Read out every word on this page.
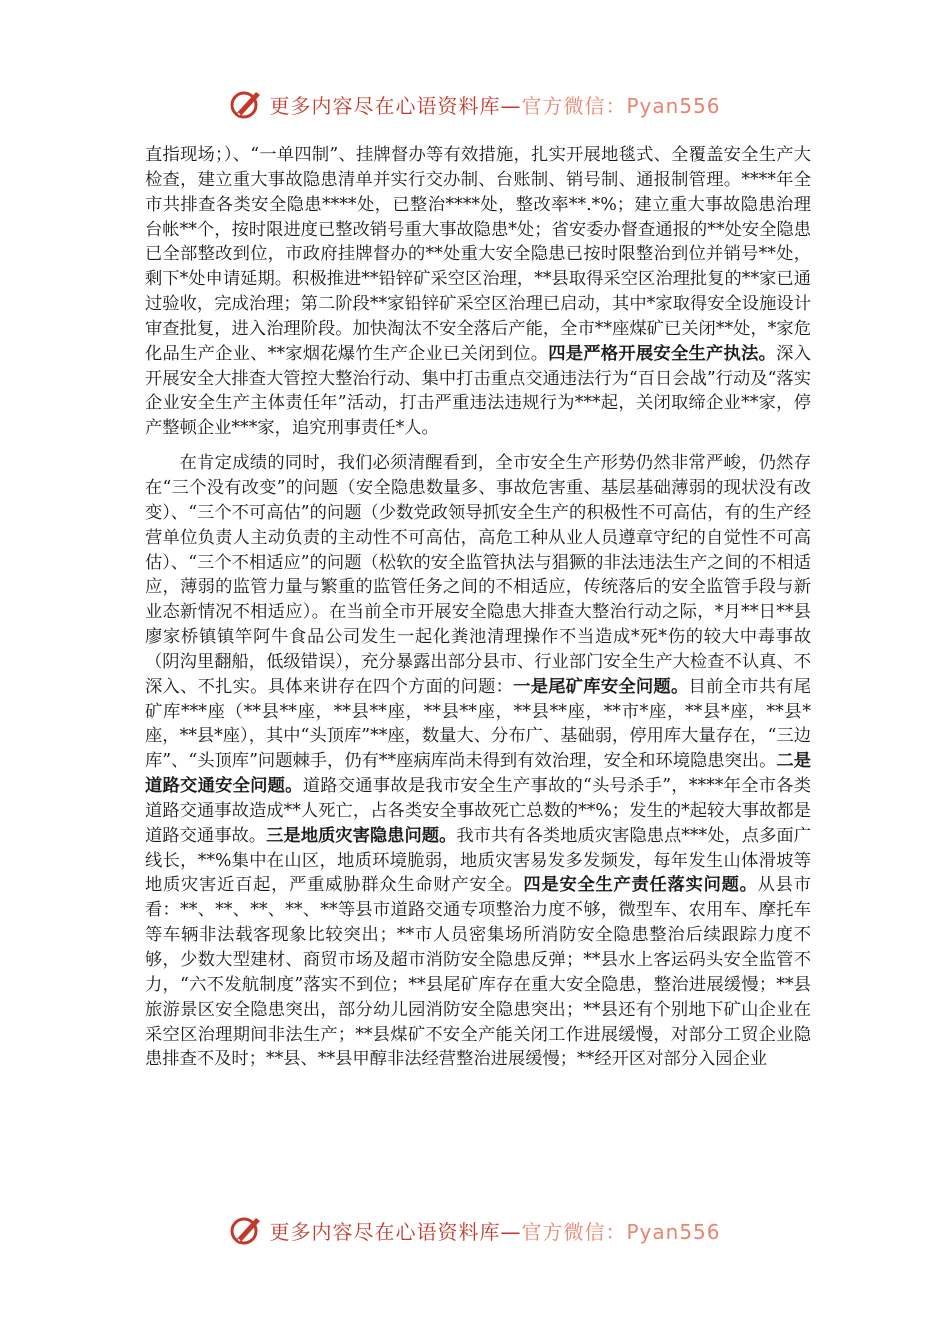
更多内容尽在心语资料库—官方微信：Pyan556

直指现场；）、“一单四制”、挂牌督办等有效措施，扎实开展地毯式、全覆盖安全生产大检查，建立重大事故隐患清单并实行交办制、台账制、销号制、通报制管理。****年全市共排查各类安全隐患****处，已整治****处，整改率**.*%；建立重大事故隐患治理台帐**个，按时限进度已整改销号重大事故隐患*处；省安委办督查通报的**处安全隐患已全部整改到位，市政府挂牌督办的**处重大安全隐患已按时限整治到位并销号**处，剩下*处申请延期。积极推进**铅锌矿采空区治理，**县取得采空区治理批复的**家已通过验收，完成治理；第二阶段**家铅锌矿采空区治理已启动，其中*家取得安全设施设计审查批复，进入治理阶段。加快淘汰不安全落后产能，全市**座煤矿已关闭**处，*家危化品生产企业、**家烟花爆竹生产企业已关闭到位。四是严格开展安全生产执法。深入开展安全大排查大管控大整治行动、集中打击重点交通违法行为“百日会战”行动及“落实企业安全生产主体责任年”活动，打击严重违法违规行为***起，关闭取缔企业**家，停产整顿企业***家，追究刑事责任*人。

在肯定成绩的同时，我们必须清醒看到，全市安全生产形势仍然非常严峻，仍然存在“三个没有改变”的问题（安全隐患数量多、事故危害重、基层基础薄弱的现状没有改变）、“三个不可高估”的问题（少数党政领导抓安全生产的积极性不可高估，有的生产经营单位负责人主动负责的主动性不可高估，高危工种从业人员遵章守纪的自觉性不可高估）、“三个不相适应”的问题（松软的安全监管执法与猖獗的非法违法生产之间的不相适应，薄弱的监管力量与繁重的监管任务之间的不相适应，传统落后的安全监管手段与新业态新情况不相适应）。在当前全市开展安全隐患大排查大整治行动之际，*月**日**县廖家桥镇镇竿阿牛食品公司发生一起化粪池清理操作不当造成*死*伤的较大中毒事故（阴沟里翻船，低级错误），充分暴露出部分县市、行业部门安全生产大检查不认真、不深入、不扎实。具体来讲存在四个方面的问题：一是尾矿库安全问题。目前全市共有尾矿库***座（**县**座，**县**座，**县**座，**县**座，**市*座，**县*座，**县*座，**县*座），其中“头顶库”**座，数量大、分布广、基础弱，停用库大量存在，“三边库”、“头顶库”问题棘手，仍有**座病库尚未得到有效治理，安全和环境隐患突出。二是道路交通安全问题。道路交通事故是我市安全生产事故的“头号杀手”，****年全市各类道路交通事故造成**人死亡，占各类安全事故死亡总数的**%；发生的*起较大事故都是道路交通事故。三是地质灾害隐患问题。我市共有各类地质灾害隐患点***处，点多面广线长，**%集中在山区，地质环境脆弱，地质灾害易发多发频发，每年发生山体滑坡等地质灾害近百起，严重威胁群众生命财产安全。四是安全生产责任落实问题。从县市看：**、**、**、**、**等县市道路交通专项整治力度不够，微型车、农用车、摩托车等车辆非法载客现象比较突出；**市人员密集场所消防安全隐患整治后续跟踪力度不够，少数大型建材、商贸市场及超市消防安全隐患反弹；**县水上客运码头安全监管不力，“六不发航制度”落实不到位；**县尾矿库存在重大安全隐患，整治进展缓慢；**县旅游景区安全隐患突出，部分幼儿园消防安全隐患突出；**县还有个别地下矿山企业在采空区治理期间非法生产；**县煤矿不安全产能关闭工作进展缓慢，对部分工贸企业隐患排查不及时；**县、**县甲醇非法经营整治进展缓慢；**经开区对部分入园企业

更多内容尽在心语资料库—官方微信：Pyan556
